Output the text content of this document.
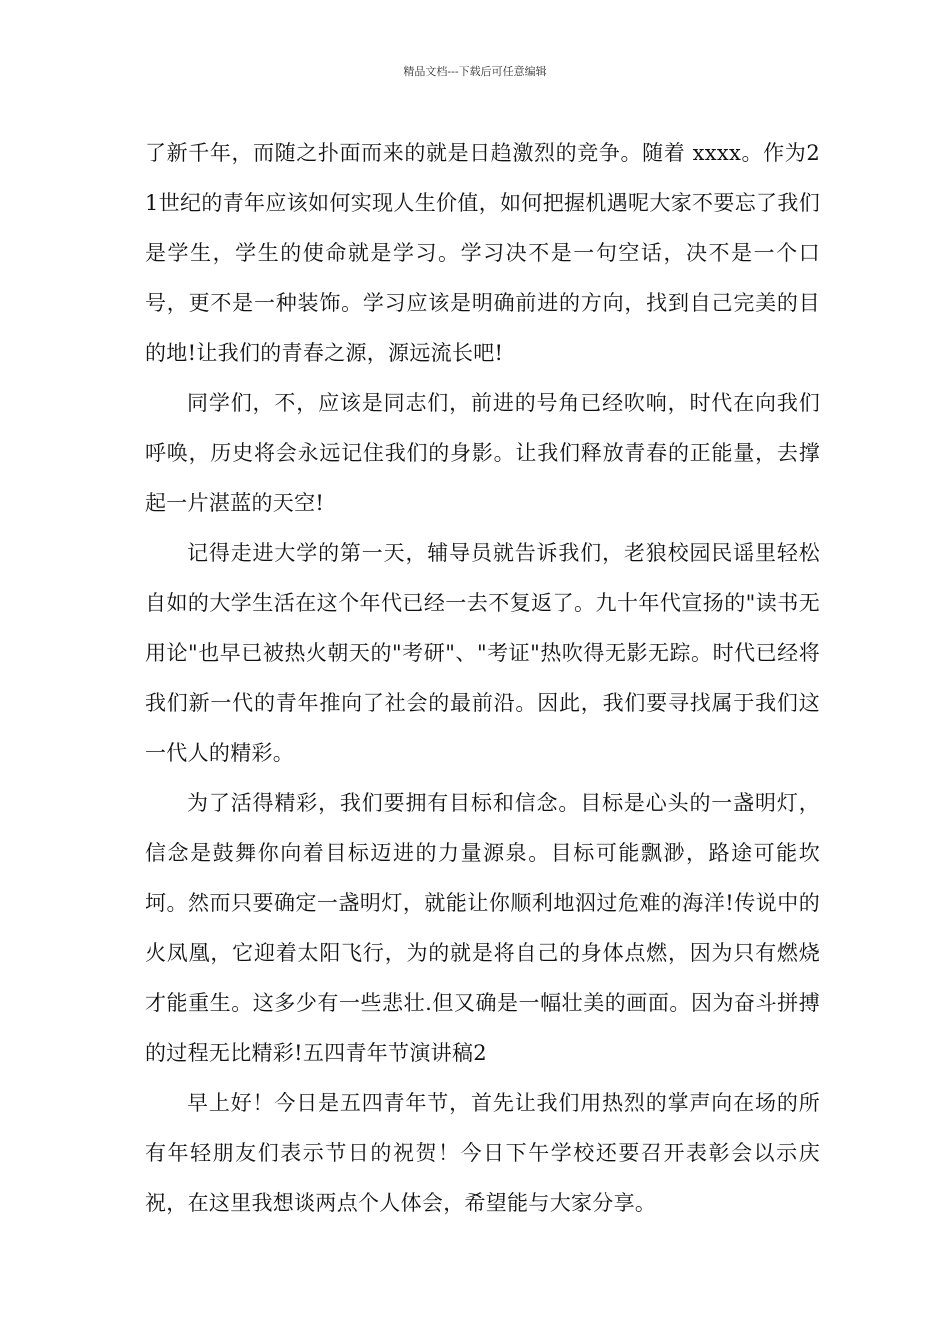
精品文档---下载后可任意编辑

了新千年，而随之扑面而来的就是日趋激烈的竞争。随着 xxxx。作为21世纪的青年应该如何实现人生价值，如何把握机遇呢大家不要忘了我们是学生，学生的使命就是学习。学习决不是一句空话，决不是一个口号，更不是一种装饰。学习应该是明确前进的方向，找到自己完美的目的地!让我们的青春之源，源远流长吧!

同学们，不，应该是同志们，前进的号角已经吹响，时代在向我们呼唤，历史将会永远记住我们的身影。让我们释放青春的正能量，去撑起一片湛蓝的天空!

记得走进大学的第一天，辅导员就告诉我们，老狼校园民谣里轻松自如的大学生活在这个年代已经一去不复返了。九十年代宣扬的"读书无用论"也早已被热火朝天的"考研"、"考证"热吹得无影无踪。时代已经将我们新一代的青年推向了社会的最前沿。因此，我们要寻找属于我们这一代人的精彩。

为了活得精彩，我们要拥有目标和信念。目标是心头的一盏明灯，信念是鼓舞你向着目标迈进的力量源泉。目标可能飘渺，路途可能坎坷。然而只要确定一盏明灯，就能让你顺利地泅过危难的海洋!传说中的火凤凰，它迎着太阳飞行，为的就是将自己的身体点燃，因为只有燃烧才能重生。这多少有一些悲壮.但又确是一幅壮美的画面。因为奋斗拼搏的过程无比精彩!五四青年节演讲稿2

早上好！今日是五四青年节，首先让我们用热烈的掌声向在场的所有年轻朋友们表示节日的祝贺！今日下午学校还要召开表彰会以示庆祝，在这里我想谈两点个人体会，希望能与大家分享。
